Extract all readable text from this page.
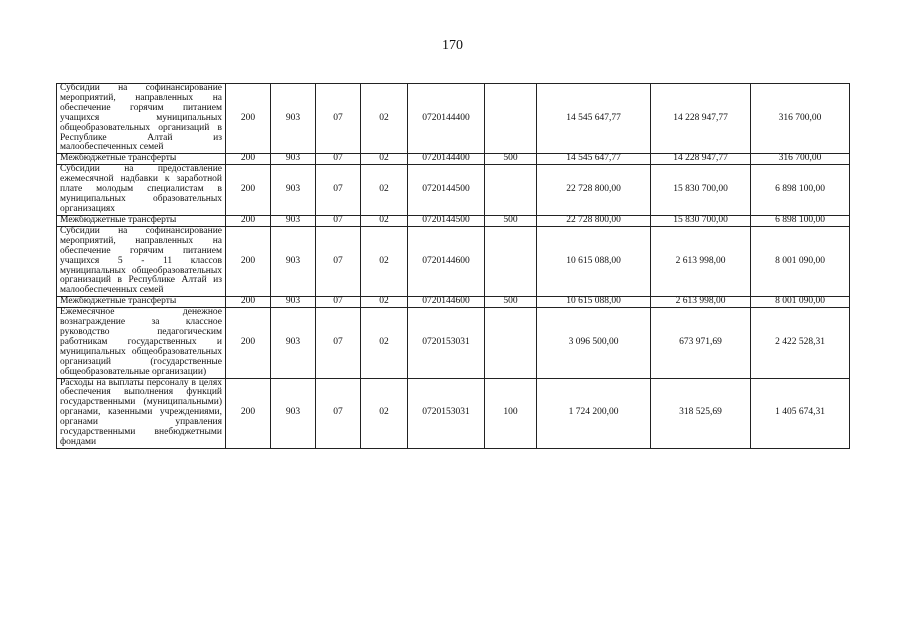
170
Субсидии на софинансирование мероприятий, направленных на обеспечение горячим питанием учащихся муниципальных общеобразовательных организаций в Республике Алтай из малообеспеченных семей	200	903	07	02	0720144400		14 545 647,77	14 228 947,77	316 700,00
Межбюджетные трансферты	200	903	07	02	0720144400	500	14 545 647,77	14 228 947,77	316 700,00
Субсидии на предоставление ежемесячной надбавки к заработной плате молодым специалистам в муниципальных образовательных организациях	200	903	07	02	0720144500		22 728 800,00	15 830 700,00	6 898 100,00
Межбюджетные трансферты	200	903	07	02	0720144500	500	22 728 800,00	15 830 700,00	6 898 100,00
Субсидии на софинансирование мероприятий, направленных на обеспечение горячим питанием учащихся 5 - 11 классов муниципальных общеобразовательных организаций в Республике Алтай из малообеспеченных семей	200	903	07	02	0720144600		10 615 088,00	2 613 998,00	8 001 090,00
Межбюджетные трансферты	200	903	07	02	0720144600	500	10 615 088,00	2 613 998,00	8 001 090,00
Ежемесячное денежное вознаграждение за классное руководство педагогическим работникам государственных и муниципальных общеобразовательных организаций (государственные общеобразовательные организации)	200	903	07	02	0720153031		3 096 500,00	673 971,69	2 422 528,31
Расходы на выплаты персоналу в целях обеспечения выполнения функций государственными (муниципальными) органами, казенными учреждениями, органами управления государственными внебюджетными фондами	200	903	07	02	0720153031	100	1 724 200,00	318 525,69	1 405 674,31
